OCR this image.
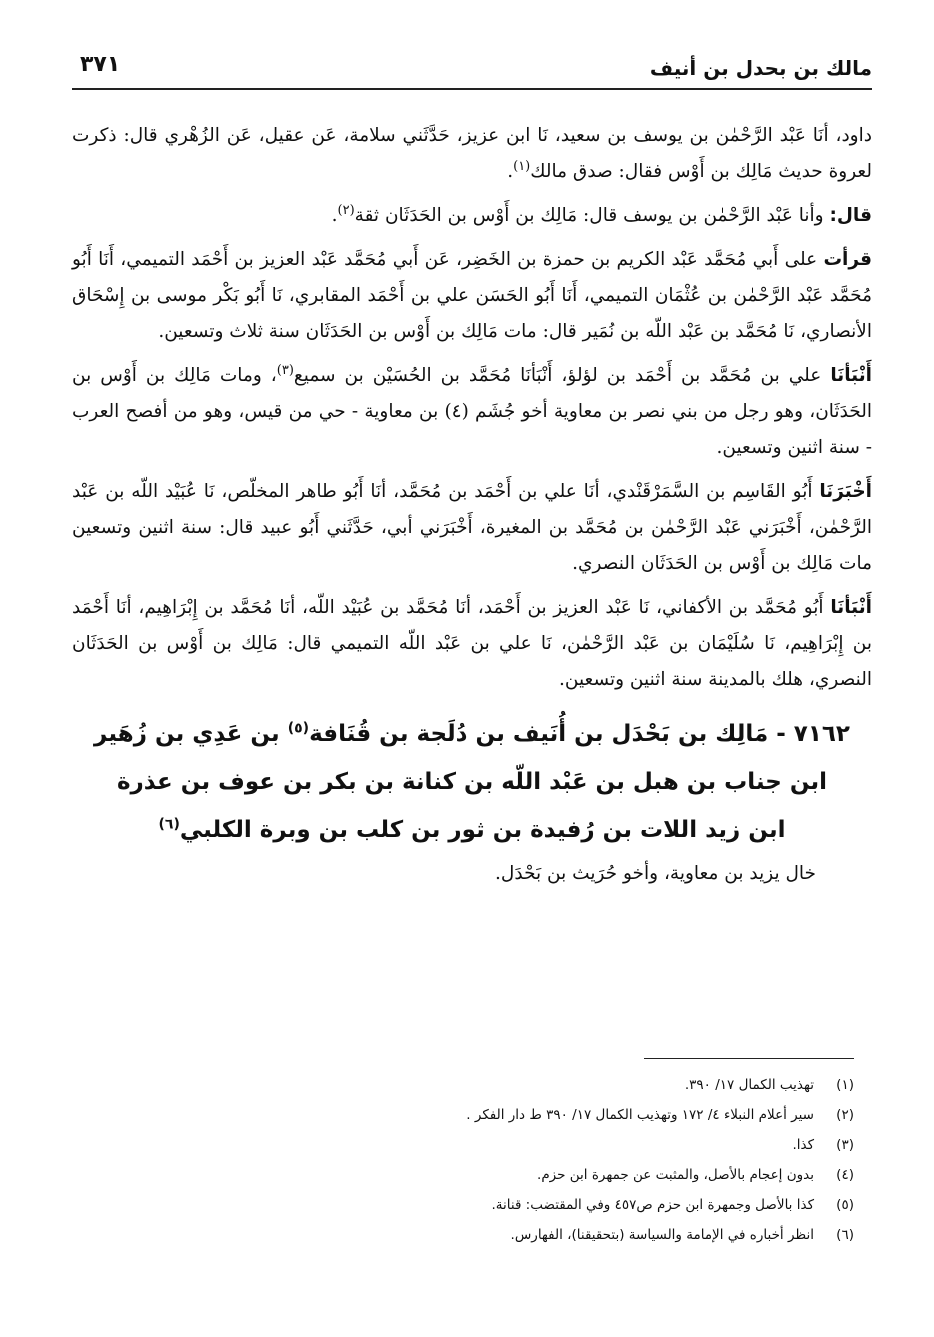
مالك بن بحدل بن أنيف
٣٧١

داود، أنَا عَبْد الرَّحْمٰن بن يوسف بن سعيد، نَا ابن عزيز، حَدَّثَني سلامة، عَن عقيل، عَن الزُهْري قال: ذكرت لعروة حديث مَالِك بن أَوْس فقال: صدق مالك$^{(١)}$.

قال: وأنا عَبْد الرَّحْمٰن بن يوسف قال: مَالِك بن أَوْس بن الحَدَثَان ثقة$^{(٢)}$.

قرأت على أَبي مُحَمَّد عَبْد الكريم بن حمزة بن الخَضِر، عَن أَبي مُحَمَّد عَبْد العزيز بن أَحْمَد التميمي، أَنَا أَبُو مُحَمَّد عَبْد الرَّحْمٰن بن عُثْمَان التميمي، أَنَا أَبُو الحَسَن علي بن أَحْمَد المقابري، نَا أَبُو بَكْر موسى بن إِسْحَاق الأنصاري، نَا مُحَمَّد بن عَبْد اللّه بن نُمَير قال: مات مَالِك بن أَوْس بن الحَدَثَان سنة ثلاث وتسعين.

أَنْبَأنَا علي بن مُحَمَّد بن أَحْمَد بن لؤلؤ، أَنْبَأنَا مُحَمَّد بن الحُسَيْن بن سميع$^{(٣)}$، ومات مَالِك بن أَوْس بن الحَدَثَان، وهو رجل من بني نصر بن معاوية أخو جُشَم (٤) بن معاوية - حي من قيس، وهو من أفصح العرب - سنة اثنين وتسعين.

أَخْبَرَنَا أَبُو القَاسِم بن السَّمَرْقَنْدي، أنَا علي بن أَحْمَد بن مُحَمَّد، أنَا أَبُو طاهر المخلّص، نَا عُبَيْد اللّه بن عَبْد الرَّحْمٰن، أَخْبَرَني عَبْد الرَّحْمٰن بن مُحَمَّد بن المغيرة، أَخْبَرَني أبي، حَدَّثَني أَبُو عبيد قال: سنة اثنين وتسعين مات مَالِك بن أَوْس بن الحَدَثَان النصري.

أَنْبَأنَا أَبُو مُحَمَّد بن الأكفاني، نَا عَبْد العزيز بن أَحْمَد، أنَا مُحَمَّد بن عُبَيْد اللّه، أنَا مُحَمَّد بن إِبْرَاهِيم، أنَا أَحْمَد بن إِبْرَاهِيم، نَا سُلَيْمَان بن عَبْد الرَّحْمٰن، نَا علي بن عَبْد اللّه التميمي قال: مَالِك بن أَوْس بن الحَدَثَان النصري، هلك بالمدينة سنة اثنين وتسعين.

٧١٦٢ - مَالِك بن بَحْدَل بن أُنَيف بن دُلَجة بن قُنَافة$^{(٥)}$ بن عَدِي بن زُهَير
ابن جناب بن هبل بن عَبْد اللّه بن كنانة بن بكر بن عوف بن عذرة
ابن زيد اللات بن رُفيدة بن ثور بن كلب بن وبرة الكلبي$^{(٦)}$

خال يزيد بن معاوية، وأخو حُرَيث بن بَحْدَل.

(١)
تهذيب الكمال ١٧/ ٣٩٠.
(٢)
سير أعلام النبلاء ٤/ ١٧٢ وتهذيب الكمال ١٧/ ٣٩٠ ط دار الفكر .
(٣)
كذا.
(٤)
بدون إعجام بالأصل، والمثبت عن جمهرة ابن حزم.
(٥)
كذا بالأصل وجمهرة ابن حزم ص٤٥٧ وفي المقتضب: قنانة.
(٦)
انظر أخباره في الإمامة والسياسة (بتحقيقنا)، الفهارس.
